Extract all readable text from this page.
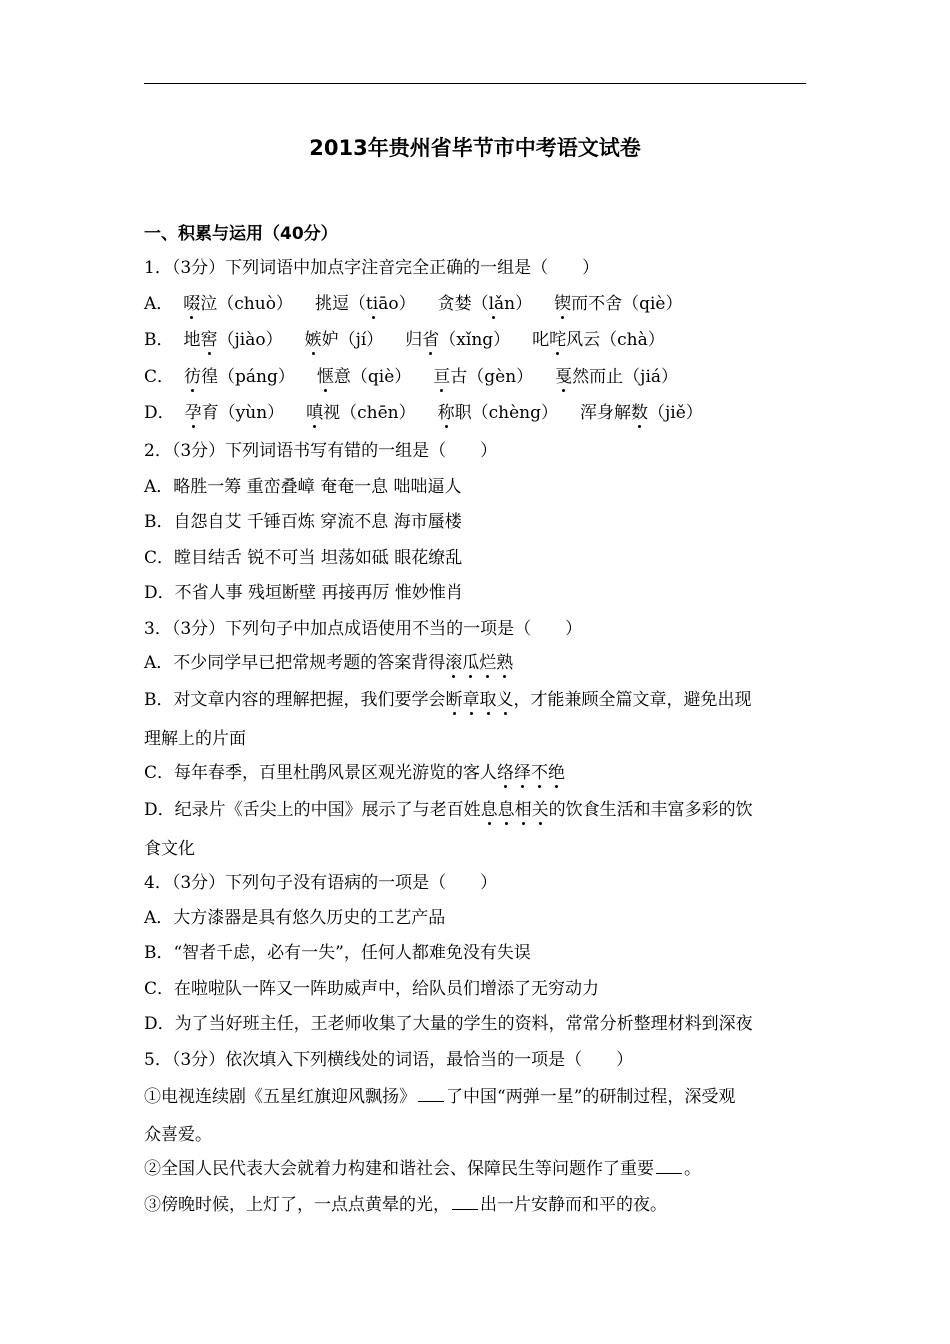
2013年贵州省毕节市中考语文试卷
一、积累与运用（40分）
1．（3分）下列词语中加点字注音完全正确的一组是（　　）
A． 啜泣（chuò） 挑逗（tiāo） 贪婪（lǎn） 锲而不舍（qiè）
B． 地窖（jiào） 嫉妒（jí） 归省（xǐng） 叱咤风云（chà）
C． 彷徨（páng） 惬意（qiè） 亘古（gèn） 戛然而止（jiá）
D． 孕育（yùn） 嗔视（chēn） 称职（chèng） 浑身解数（jiě）
2．（3分）下列词语书写有错的一组是（　　）
A．略胜一筹 重峦叠嶂 奄奄一息 咄咄逼人
B．自怨自艾 千锤百炼 穿流不息 海市蜃楼
C．瞠目结舌 锐不可当 坦荡如砥 眼花缭乱
D．不省人事 残垣断壁 再接再厉 惟妙惟肖
3．（3分）下列句子中加点成语使用不当的一项是（　　）
A．不少同学早已把常规考题的答案背得滚瓜烂熟
B．对文章内容的理解把握，我们要学会断章取义，才能兼顾全篇文章，避免出现
理解上的片面
C．每年春季，百里杜鹃风景区观光游览的客人络绎不绝
D．纪录片《舌尖上的中国》展示了与老百姓息息相关的饮食生活和丰富多彩的饮
食文化
4．（3分）下列句子没有语病的一项是（　　）
A．大方漆器是具有悠久历史的工艺产品
B．“智者千虑，必有一失”，任何人都难免没有失误
C．在啦啦队一阵又一阵助威声中，给队员们增添了无穷动力
D．为了当好班主任，王老师收集了大量的学生的资料，常常分析整理材料到深夜
5．（3分）依次填入下列横线处的词语，最恰当的一项是（　　）
①电视连续剧《五星红旗迎风飘扬》 了中国“两弹一星”的研制过程，深受观
众喜爱。
②全国人民代表大会就着力构建和谐社会、保障民生等问题作了重要 。
③傍晚时候，上灯了，一点点黄晕的光， 出一片安静而和平的夜。
